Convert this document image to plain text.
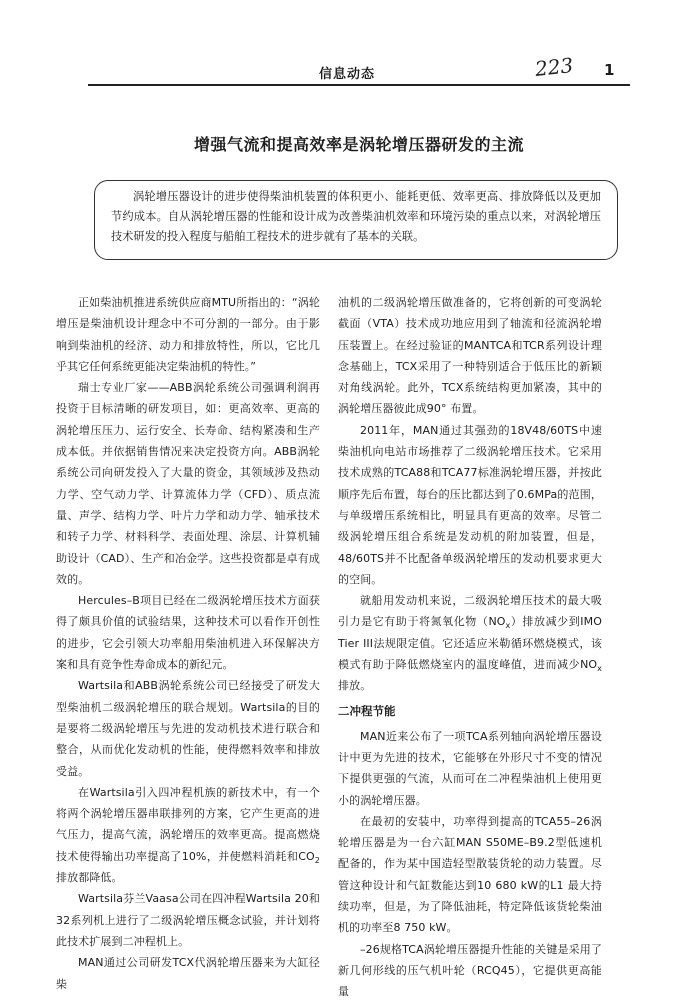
信息动态	223 1
增强气流和提高效率是涡轮增压器研发的主流

涡轮增压器设计的进步使得柴油机装置的体积更小、能耗更低、效率更高、排放降低以及更加节约成本。自从涡轮增压器的性能和设计成为改善柴油机效率和环境污染的重点以来，对涡轮增压技术研发的投入程度与船舶工程技术的进步就有了基本的关联。

正如柴油机推进系统供应商MTU所指出的：“涡轮增压是柴油机设计理念中不可分割的一部分。由于影响到柴油机的经济、动力和排放特性，所以，它比几乎其它任何系统更能决定柴油机的特性。”

瑞士专业厂家——ABB涡轮系统公司强调利润再投资于目标清晰的研发项目，如：更高效率、更高的涡轮增压压力、运行安全、长寿命、结构紧凑和生产成本低。并依据销售情况来决定投资方向。ABB涡轮系统公司向研发投入了大量的资金，其领域涉及热动力学、空气动力学、计算流体力学（CFD）、质点流量、声学、结构力学、叶片力学和动力学、轴承技术和转子力学、材料科学、表面处理、涂层、计算机辅助设计（CAD）、生产和冶金学。这些投资都是卓有成效的。

Hercules–B项目已经在二级涡轮增压技术方面获得了颇具价值的试验结果，这种技术可以看作开创性的进步，它会引领大功率船用柴油机进入环保解决方案和具有竞争性寿命成本的新纪元。

Wartsila和ABB涡轮系统公司已经接受了研发大型柴油机二级涡轮增压的联合规划。Wartsila的目的是要将二级涡轮增压与先进的发动机技术进行联合和整合，从而优化发动机的性能，使得燃料效率和排放受益。

在Wartsila引入四冲程机族的新技术中，有一个将两个涡轮增压器串联排列的方案，它产生更高的进气压力，提高气流，涡轮增压的效率更高。提高燃烧技术使得输出功率提高了10%，并使燃料消耗和$CO_2$排放都降低。

Wartsila芬兰Vaasa公司在四冲程Wartsila 20和32系列机上进行了二级涡轮增压概念试验，并计划将此技术扩展到二冲程机上。

MAN通过公司研发TCX代涡轮增压器来为大缸径柴

油机的二级涡轮增压做准备的，它将创新的可变涡轮截面（VTA）技术成功地应用到了轴流和径流涡轮增压装置上。在经过验证的MANTCA和TCR系列设计理念基础上，TCX采用了一种特别适合于低压比的新颖对角线涡轮。此外，TCX系统结构更加紧凑，其中的涡轮增压器彼此成90° 布置。

2011年，MAN通过其强劲的18V48/60TS中速柴油机向电站市场推荐了二级涡轮增压技术。它采用技术成熟的TCA88和TCA77标准涡轮增压器，并按此顺序先后布置，每台的压比都达到了0.6MPa的范围，与单级增压系统相比，明显具有更高的效率。尽管二级涡轮增压组合系统是发动机的附加装置，但是，48/60TS并不比配备单级涡轮增压的发动机要求更大的空间。

就船用发动机来说，二级涡轮增压技术的最大吸引力是它有助于将氮氧化物$(NO_x)$排放减少到IMO Tier III法规限定值。它还适应米勒循环燃烧模式，该模式有助于降低燃烧室内的温度峰值，进而减少$NO_x$排放。

二冲程节能

MAN近来公布了一项TCA系列轴向涡轮增压器设计中更为先进的技术，它能够在外形尺寸不变的情况下提供更强的气流，从而可在二冲程柴油机上使用更小的涡轮增压器。

在最初的安装中，功率得到提高的TCA55–26涡轮增压器是为一台六缸MAN S50ME–B9.2型低速机配备的，作为某中国造轻型散装货轮的动力装置。尽管这种设计和气缸数能达到10 680 kW的L1 最大持续功率，但是，为了降低油耗，特定降低该货轮柴油机的功率至8 750 kW。

–26规格TCA涡轮增压器提升性能的关键是采用了新几何形线的压气机叶轮（RCQ45），它提供更高能量
